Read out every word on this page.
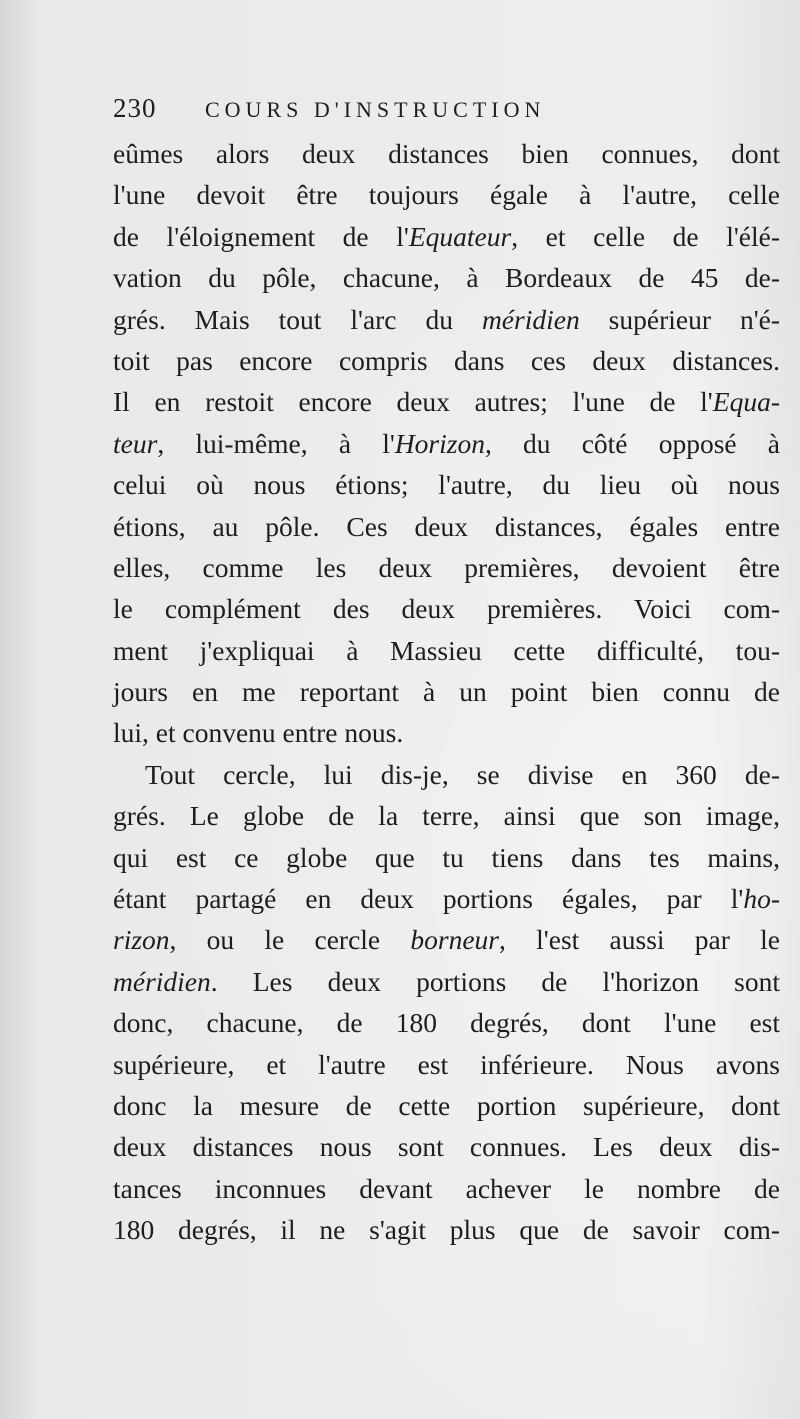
230 COURS D'INSTRUCTION
eûmes alors deux distances bien connues, dont
l'une devoit être toujours égale à l'autre, celle
de l'éloignement de l'Equateur, et celle de l'élé-
vation du pôle, chacune, à Bordeaux de 45 de-
grés. Mais tout l'arc du méridien supérieur n'é-
toit pas encore compris dans ces deux distances.
Il en restoit encore deux autres; l'une de l'Equa-
teur, lui-même, à l'Horizon, du côté opposé à
celui où nous étions; l'autre, du lieu où nous
étions, au pôle. Ces deux distances, égales entre
elles, comme les deux premières, devoient être
le complément des deux premières. Voici com-
ment j'expliquai à Massieu cette difficulté, tou-
jours en me reportant à un point bien connu de
lui, et convenu entre nous.
Tout cercle, lui dis-je, se divise en 360 de-
grés. Le globe de la terre, ainsi que son image,
qui est ce globe que tu tiens dans tes mains,
étant partagé en deux portions égales, par l'ho-
rizon, ou le cercle borneur, l'est aussi par le
méridien. Les deux portions de l'horizon sont
donc, chacune, de 180 degrés, dont l'une est
supérieure, et l'autre est inférieure. Nous avons
donc la mesure de cette portion supérieure, dont
deux distances nous sont connues. Les deux dis-
tances inconnues devant achever le nombre de
180 degrés, il ne s'agit plus que de savoir com-
